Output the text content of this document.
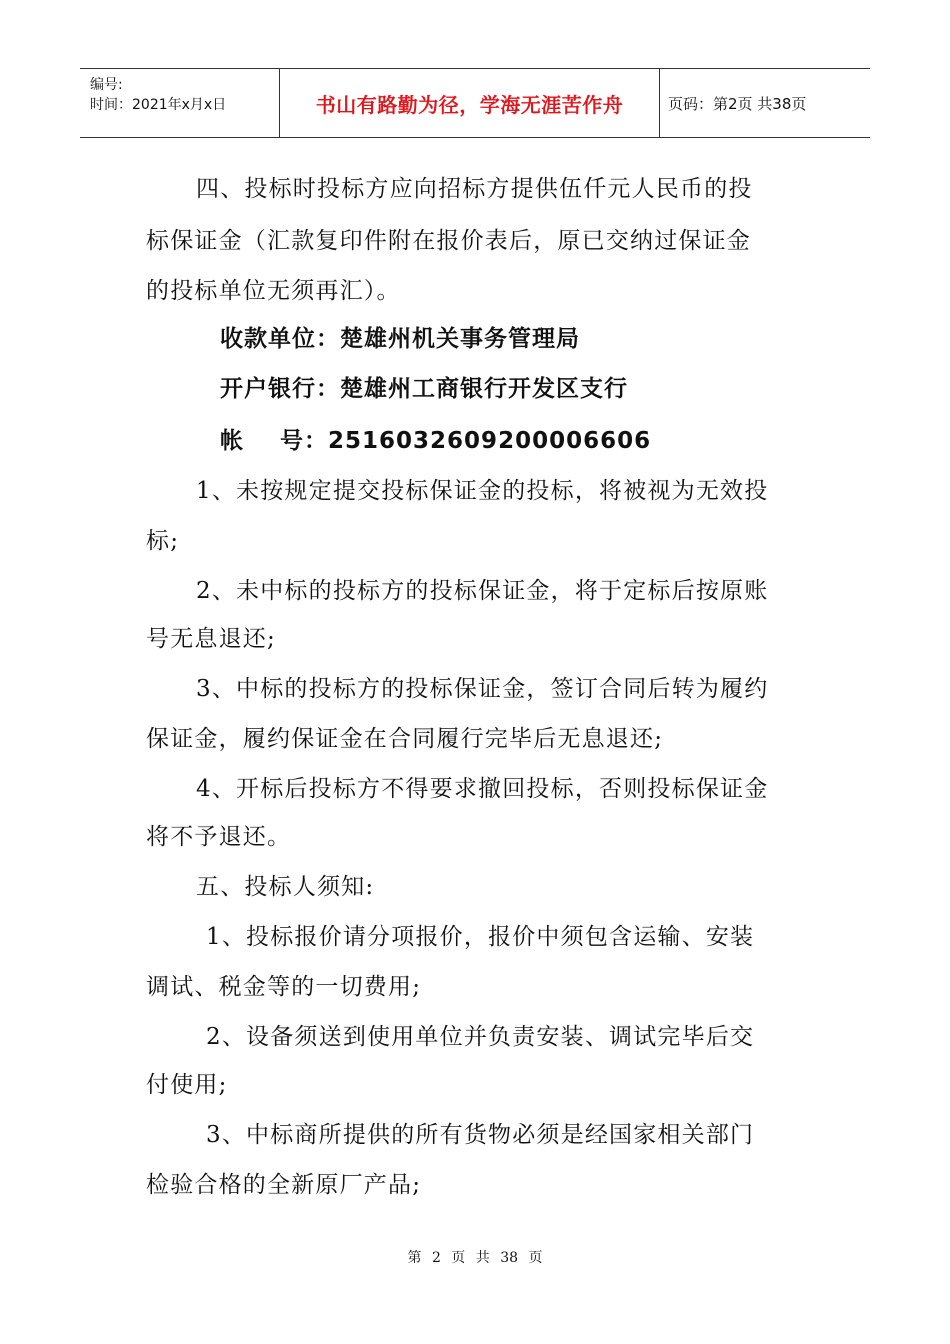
编号:
时间：2021年x月x日	书山有路勤为径，学海无涯苦作舟	页码：第2页 共38页
四、投标时投标方应向招标方提供伍仟元人民币的投
标保证金（汇款复印件附在报价表后，原已交纳过保证金
的投标单位无须再汇）。
收款单位：楚雄州机关事务管理局
开户银行：楚雄州工商银行开发区支行
帐    号：2516032609200006606
1、未按规定提交投标保证金的投标，将被视为无效投
标;
2、未中标的投标方的投标保证金，将于定标后按原账
号无息退还;
3、中标的投标方的投标保证金，签订合同后转为履约
保证金，履约保证金在合同履行完毕后无息退还;
4、开标后投标方不得要求撤回投标，否则投标保证金
将不予退还。
五、投标人须知:
1、投标报价请分项报价，报价中须包含运输、安装
调试、税金等的一切费用;
2、设备须送到使用单位并负责安装、调试完毕后交
付使用;
3、中标商所提供的所有货物必须是经国家相关部门
检验合格的全新原厂产品;
第 2 页 共 38 页
